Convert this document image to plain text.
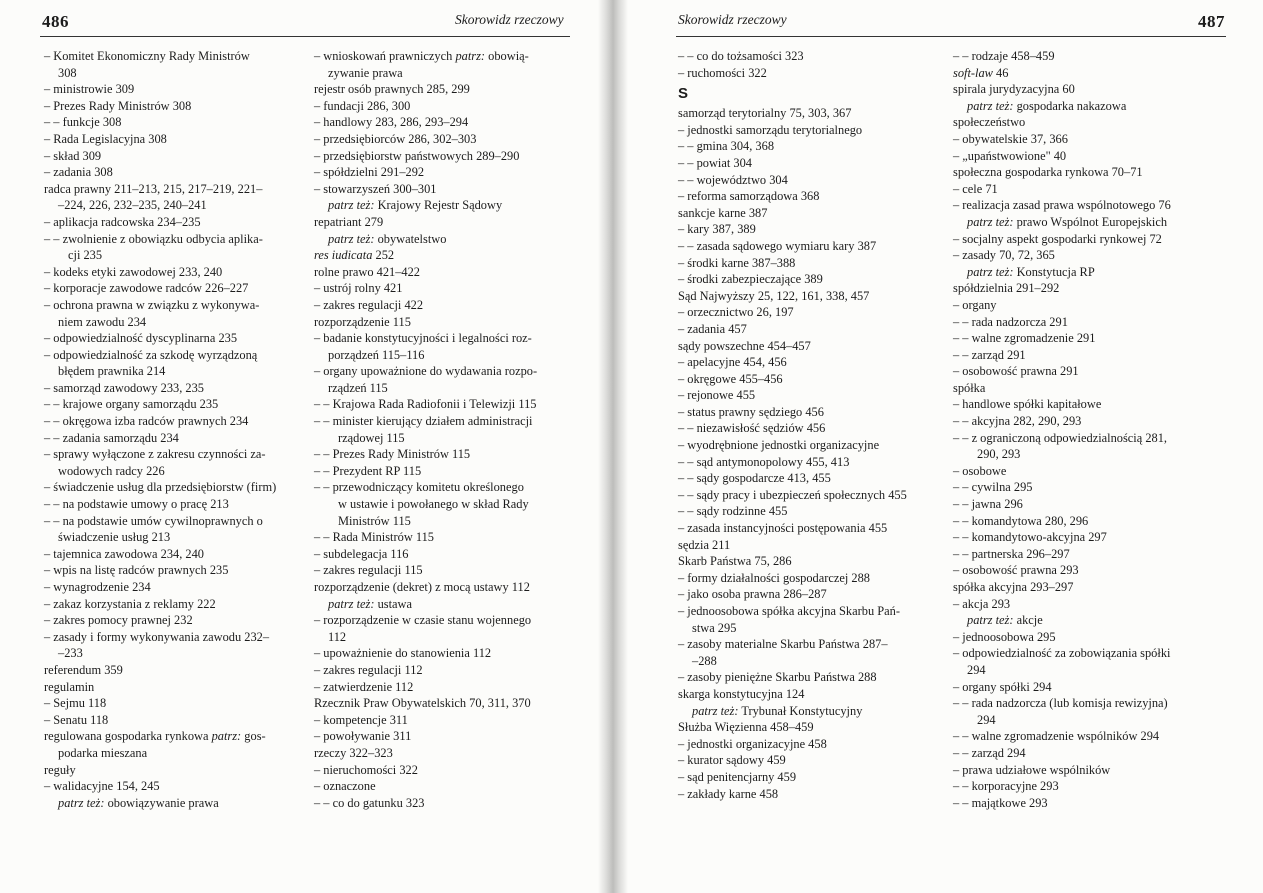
486	Skorowidz rzeczowy
– Komitet Ekonomiczny Rady Ministrów
308
– ministrowie 309
– Prezes Rady Ministrów 308
– – funkcje 308
– Rada Legislacyjna 308
– skład 309
– zadania 308
radca prawny 211–213, 215, 217–219, 221–
–224, 226, 232–235, 240–241
– aplikacja radcowska 234–235
– – zwolnienie z obowiązku odbycia aplika-
cji 235
– kodeks etyki zawodowej 233, 240
– korporacje zawodowe radców 226–227
– ochrona prawna w związku z wykonywa-
niem zawodu 234
– odpowiedzialność dyscyplinarna 235
– odpowiedzialność za szkodę wyrządzoną
błędem prawnika 214
– samorząd zawodowy 233, 235
– – krajowe organy samorządu 235
– – okręgowa izba radców prawnych 234
– – zadania samorządu 234
– sprawy wyłączone z zakresu czynności za-
wodowych radcy 226
– świadczenie usług dla przedsiębiorstw (firm)
– – na podstawie umowy o pracę 213
– – na podstawie umów cywilnoprawnych o
świadczenie usług 213
– tajemnica zawodowa 234, 240
– wpis na listę radców prawnych 235
– wynagrodzenie 234
– zakaz korzystania z reklamy 222
– zakres pomocy prawnej 232
– zasady i formy wykonywania zawodu 232–
–233
referendum 359
regulamin
– Sejmu 118
– Senatu 118
regulowana gospodarka rynkowa patrz: gos-
podarka mieszana
reguły
– walidacyjne 154, 245
patrz też: obowiązywanie prawa
– wnioskowań prawniczych patrz: obowią-
zywanie prawa
rejestr osób prawnych 285, 299
– fundacji 286, 300
– handlowy 283, 286, 293–294
– przedsiębiorców 286, 302–303
– przedsiębiorstw państwowych 289–290
– spółdzielni 291–292
– stowarzyszeń 300–301
patrz też: Krajowy Rejestr Sądowy
repatriant 279
patrz też: obywatelstwo
res iudicata 252
rolne prawo 421–422
– ustrój rolny 421
– zakres regulacji 422
rozporządzenie 115
– badanie konstytucyjności i legalności roz-
porządzeń 115–116
– organy upoważnione do wydawania rozpo-
rządzeń 115
– – Krajowa Rada Radiofonii i Telewizji 115
– – minister kierujący działem administracji
rządowej 115
– – Prezes Rady Ministrów 115
– – Prezydent RP 115
– – przewodniczący komitetu określonego
w ustawie i powołanego w skład Rady
Ministrów 115
– – Rada Ministrów 115
– subdelegacja 116
– zakres regulacji 115
rozporządzenie (dekret) z mocą ustawy 112
patrz też: ustawa
– rozporządzenie w czasie stanu wojennego
112
– upoważnienie do stanowienia 112
– zakres regulacji 112
– zatwierdzenie 112
Rzecznik Praw Obywatelskich 70, 311, 370
– kompetencje 311
– powoływanie 311
rzeczy 322–323
– nieruchomości 322
– oznaczone
– – co do gatunku 323
Skorowidz rzeczowy	487
– – co do tożsamości 323
– ruchomości 322
S
samorząd terytorialny 75, 303, 367
– jednostki samorządu terytorialnego
– – gmina 304, 368
– – powiat 304
– – województwo 304
– reforma samorządowa 368
sankcje karne 387
– kary 387, 389
– – zasada sądowego wymiaru kary 387
– środki karne 387–388
– środki zabezpieczające 389
Sąd Najwyższy 25, 122, 161, 338, 457
– orzecznictwo 26, 197
– zadania 457
sądy powszechne 454–457
– apelacyjne 454, 456
– okręgowe 455–456
– rejonowe 455
– status prawny sędziego 456
– – niezawisłość sędziów 456
– wyodrębnione jednostki organizacyjne
– – sąd antymonopolowy 455, 413
– – sądy gospodarcze 413, 455
– – sądy pracy i ubezpieczeń społecznych 455
– – sądy rodzinne 455
– zasada instancyjności postępowania 455
sędzia 211
Skarb Państwa 75, 286
– formy działalności gospodarczej 288
– jako osoba prawna 286–287
– jednoosobowa spółka akcyjna Skarbu Pań-
stwa 295
– zasoby materialne Skarbu Państwa 287–
–288
– zasoby pieniężne Skarbu Państwa 288
skarga konstytucyjna 124
patrz też: Trybunał Konstytucyjny
Służba Więzienna 458–459
– jednostki organizacyjne 458
– kurator sądowy 459
– sąd penitencjarny 459
– zakłady karne 458
– – rodzaje 458–459
soft-law 46
spirala jurydyzacyjna 60
patrz też: gospodarka nakazowa
społeczeństwo
– obywatelskie 37, 366
– „upaństwowione" 40
społeczna gospodarka rynkowa 70–71
– cele 71
– realizacja zasad prawa wspólnotowego 76
patrz też: prawo Wspólnot Europejskich
– socjalny aspekt gospodarki rynkowej 72
– zasady 70, 72, 365
patrz też: Konstytucja RP
spółdzielnia 291–292
– organy
– – rada nadzorcza 291
– – walne zgromadzenie 291
– – zarząd 291
– osobowość prawna 291
spółka
– handlowe spółki kapitałowe
– – akcyjna 282, 290, 293
– – z ograniczoną odpowiedzialnością 281,
290, 293
– osobowe
– – cywilna 295
– – jawna 296
– – komandytowa 280, 296
– – komandytowo-akcyjna 297
– – partnerska 296–297
– osobowość prawna 293
spółka akcyjna 293–297
– akcja 293
patrz też: akcje
– jednoosobowa 295
– odpowiedzialność za zobowiązania spółki
294
– organy spółki 294
– – rada nadzorcza (lub komisja rewizyjna)
294
– – walne zgromadzenie wspólników 294
– – zarząd 294
– prawa udziałowe wspólników
– – korporacyjne 293
– – majątkowe 293
